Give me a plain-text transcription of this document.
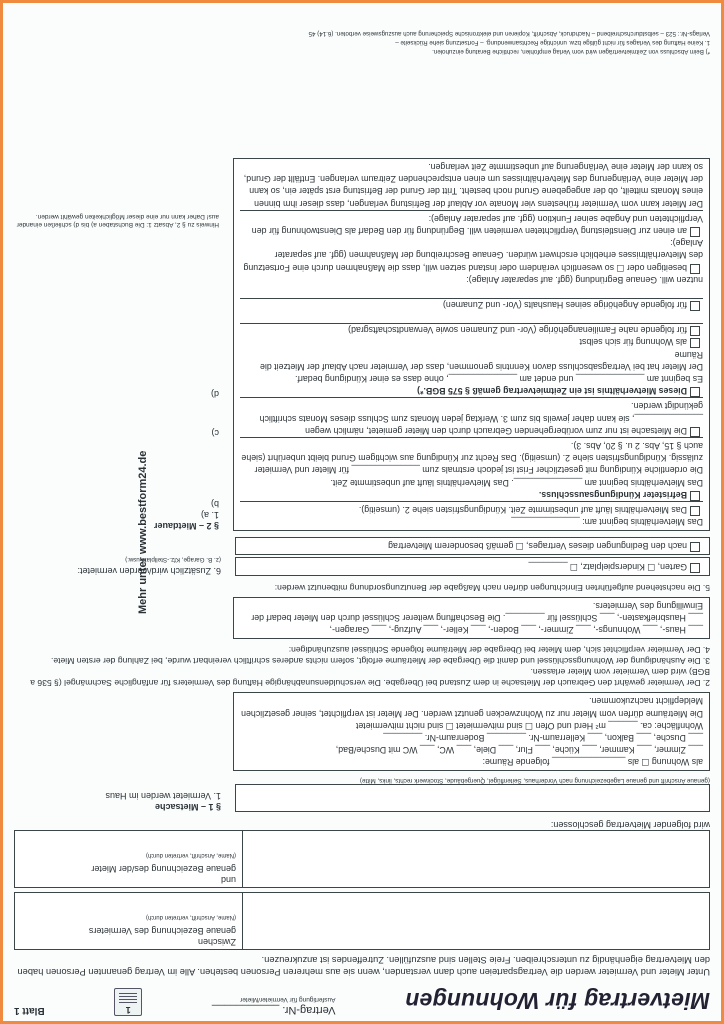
Mietvertrag für Wohnungen
Vertrag-Nr. ___________
Ausfertigung für Vermieter/Mieter
1
Blatt 1
Unter Mieter und Vermieter werden die Vertragsparteien auch dann verstanden, wenn sie aus mehreren Personen bestehen. Alle im Vertrag genannten Personen haben den Mietvertrag eigenhändig zu unterschreiben. Freie Stellen sind auszufüllen. Zutreffendes ist anzukreuzen.
Zwischen
genaue Bezeichnung des Vermieters
(Name, Anschrift, vertreten durch)
und
genaue Bezeichnung des/der Mieter
(Name, Anschrift, vertreten durch)
wird folgender Mietvertrag geschlossen:
(genaue Anschrift und genaue Lagebezeichnung nach Vorderhaus, Seitenflügel, Quergebäude, Stockwerk rechts, links, Mitte)
§ 1 – Mietsache
1. Vermietet werden im Haus
als Wohnung ☐ als _______________ folgende Räume:
___ Zimmer, ___ Kammer, ___ Küche, ___ Flur, ___ Diele, ___ WC, ___ WC mit Dusche/Bad,
___ Dusche, ___ Balkon, ___ Kellerraum-Nr. ________ Bodenraum-Nr. ________
Wohnfläche: ca. ______ m² Herd und Ofen ☐ sind mitvermietet ☐ sind nicht mitvermietet
Die Mieträume dürfen vom Mieter nur zu Wohnzwecken genutzt werden. Der Mieter ist verpflichtet, seiner gesetzlichen Meldepflicht nachzukommen.
2. Der Vermieter gewährt den Gebrauch der Mietsache in dem Zustand bei Übergabe. Die verschuldensunabhängige Haftung des Vermieters für anfängliche Sachmängel (§ 536 a BGB) wird dem Vermieter vom Mieter erlassen.
3. Die Aushändigung der Wohnungsschlüssel und damit die Übergabe der Mieträume erfolgt, sofern nichts anderes schriftlich vereinbart wurde, bei Zahlung der ersten Miete.
4. Der Vermieter verpflichtet sich, dem Mieter bei Übergabe der Mieträume folgende Schlüssel auszuhändigen:
___ Haus-, ___ Wohnungs-, ___ Zimmer-, ___ Boden-, ___ Keller-, ___ Aufzug-, ___ Garagen-,
___ Hausbriefkasten-, ___ Schlüssel für ________. Die Beschaffung weiterer Schlüssel durch den Mieter bedarf der Einwilligung des Vermieters.
5. Die nachstehend aufgeführten Einrichtungen dürfen nach Maßgabe der Benutzungsordnung mitbenutzt werden:
Garten, ☐ Kinderspielplatz, ☐ ________
nach den Bedingungen dieses Vertrages, ☐ gemäß besonderem Mietvertrag
6. Zusätzlich wird/werden vermietet:
(z. B. Garage, Kfz.-Stellplatz usw.)
Das Mietverhältnis beginnt am: ______________
Das Mietverhältnis läuft auf unbestimmte Zeit. Kündigungsfristen siehe 2. (umseitig).
Befristeter Kündigungsausschluss.
Das Mietverhältnis beginnt am ______________. Das Mietverhältnis läuft auf unbestimmte Zeit.
Die ordentliche Kündigung mit gesetzlicher Frist ist jedoch erstmals zum ______________ für Mieter und Vermieter zulässig. Kündigungsfristen siehe 2. (umseitig). Das Recht zur Kündigung aus wichtigem Grund bleibt unberührt (siehe auch § 15, Abs. 2 u. § 20, Abs. 3).
Die Mietsache ist nur zum vorübergehenden Gebrauch durch den Mieter gemietet, nämlich wegen ______________, sie kann daher jeweils bis zum 3. Werktag jeden Monats zum Schluss dieses Monats schriftlich gekündigt werden.
Dieses Mietverhältnis ist ein Zeitmietvertrag gemäß § 575 BGB.*)
Es beginnt am ______________ und endet am ______________, ohne dass es einer Kündigung bedarf.
Der Mieter hat bei Vertragsabschluss davon Kenntnis genommen, dass der Vermieter nach Ablauf der Mietzeit die Räume
als Wohnung für sich selbst
für folgende nahe Familienangehörige (Vor- und Zunamen sowie Verwandtschaftsgrad)
für folgende Angehörige seines Haushalts (Vor- und Zunamen)
nutzen will. Genaue Begründung (ggf. auf separater Anlage):
beseitigen oder ☐ so wesentlich verändern oder instand setzen will, dass die Maßnahmen durch eine Fortsetzung des Mietverhältnisses erheblich erschwert würden. Genaue Beschreibung der Maßnahmen (ggf. auf separater Anlage):
an einen zur Dienstleistung Verpflichteten vermieten will. Begründung für den Bedarf als Dienstwohnung für den Verpflichteten und Angabe seiner Funktion (ggf. auf separater Anlage):
Der Mieter kann vom Vermieter frühestens vier Monate vor Ablauf der Befristung verlangen, dass dieser ihm binnen eines Monats mitteilt, ob der angegebene Grund noch besteht. Tritt der Grund der Befristung erst später ein, so kann der Mieter eine Verlängerung des Mietverhältnisses um einen entsprechenden Zeitraum verlangen. Entfällt der Grund, so kann der Mieter eine Verlängerung auf unbestimmte Zeit verlangen.
§ 2 – Mietdauer
1. a)
b)
c)
d)
Hinweis zu § 2, Absatz 1: Die Buchstaben a) bis d) schließen einander aus! Daher kann nur eine dieser Möglichkeiten gewählt werden.
Mehr unter www.bestform24.de
*) Beim Abschluss von Zeitmietverträgen wird vom Verlag empfohlen, rechtliche Beratung einzuholen.
1. Keine Haftung des Verlages für nicht gültige bzw. unrichtige Rechtsanwendung. – Fortsetzung siehe Rückseite –
Verlags-Nr.: 523 – selbstdurchschreibend – Nachdruck, Abschrift, Kopieren und elektronische Speicherung auch auszugsweise verboten. (6.14) 45
